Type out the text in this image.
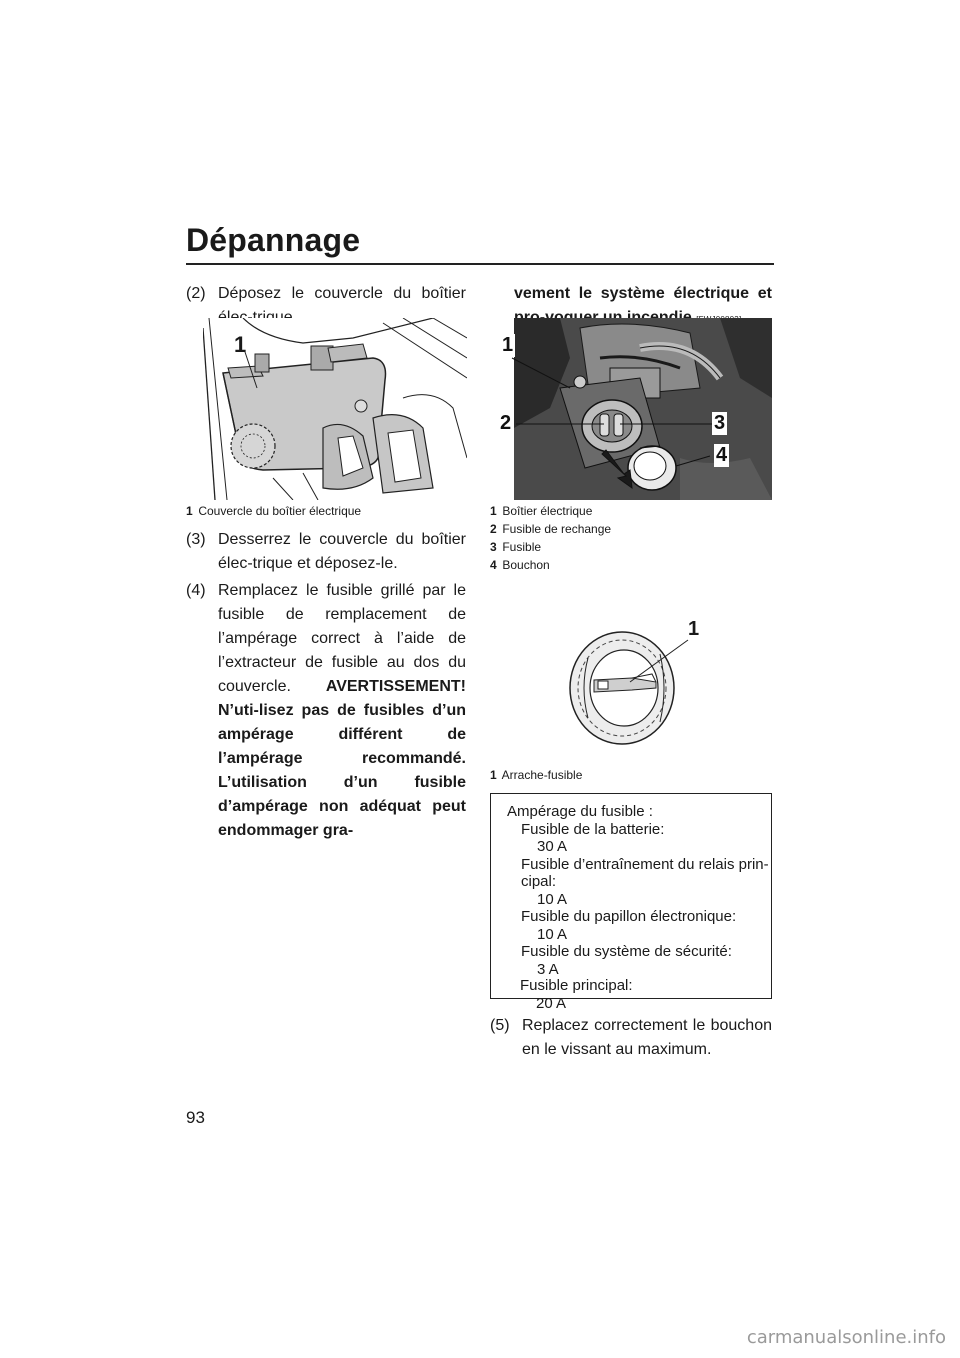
Dépannage

(2) Déposez le couvercle du boîtier

1
1 Couvercle du boîtier électrique

(3) Desserrez le couvercle du boîtier élec-trique et déposez-le.

(4) Remplacez le fusible grillé par le fusible de remplacement de l’ampérage correct à l’aide de l’extracteur de fusible au dos du couvercle. AVERTISSEMENT! N’uti-lisez pas de fusibles d’un ampérage différent de l’ampérage recommandé. L’utilisation d’un fusible d’ampérage non adéquat peut endommager gra-

vement le système électrique et

1
2	3
4
1 Boîtier électrique
2 Fusible de rechange
3 Fusible
4 Bouchon
1
1 Arrache-fusible
Ampérage du fusible :
Fusible de la batterie:
30 A
Fusible d’entraînement du relais prin-
cipal:
10 A
Fusible du papillon électronique:
10 A
Fusible du système de sécurité:
3 A
Fusible principal:

(5) Replacez correctement le bouchon en le vissant au maximum.

93
carmanualsonline.info
20 A
